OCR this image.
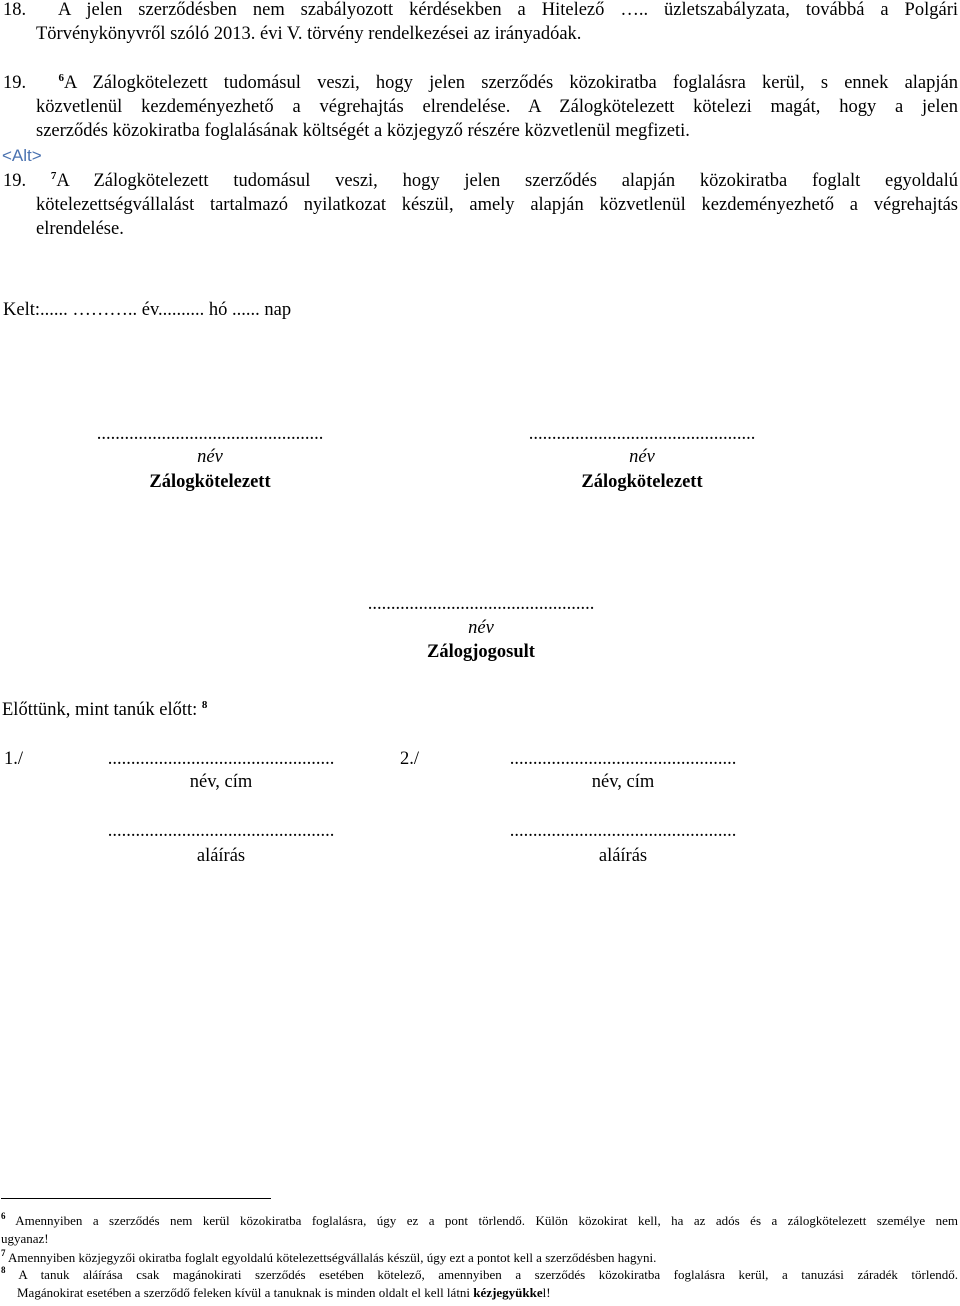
18.  A jelen szerződésben nem szabályozott kérdésekben a Hitelező ….. üzletszabályzata, továbbá a Polgári
Törvénykönyvről szóló 2013. évi V. törvény rendelkezései az irányadóak.
19.	$^6$A Zálogkötelezett tudomásul veszi, hogy jelen szerződés közokiratba foglalásra kerül, s ennek alapján
közvetlenül kezdeményezhető a végrehajtás elrendelése. A Zálogkötelezett kötelezi magát, hogy a jelen
szerződés közokiratba foglalásának költségét a közjegyző részére közvetlenül megfizeti.
<Alt>
19. $^7$A Zálogkötelezett tudomásul veszi, hogy jelen szerződés alapján közokiratba foglalt egyoldalú
kötelezettségvállalást tartalmazó nyilatkozat készül, amely alapján közvetlenül kezdeményezhető a végrehajtás
elrendelése.
Kelt:...... ……….. év.......... hó ...... nap
.................................................
név
Zálogkötelezett
.................................................
név
Zálogkötelezett
.................................................
név
Zálogjogosult
Előttünk, mint tanúk előtt: $^8$
1./	.................................................
név, cím
.................................................
aláírás
2./	.................................................
név, cím
.................................................
aláírás
$^6$ Amennyiben a szerződés nem kerül közokiratba foglalásra, úgy ez a pont törlendő. Külön közokirat kell, ha az adós és a zálogkötelezett személye nem
ugyanaz!
$^7$ Amennyiben közjegyzői okiratba foglalt egyoldalú kötelezettségvállalás készül, úgy ezt a pontot kell a szerződésben hagyni.
$^8$ A tanuk aláírása csak magánokirati szerződés esetében kötelező, amennyiben a szerződés közokiratba foglalásra kerül, a tanuzási záradék törlendő.
Magánokirat esetében a szerződő feleken kívül a tanuknak is minden oldalt el kell látni kézjegyükkel!
